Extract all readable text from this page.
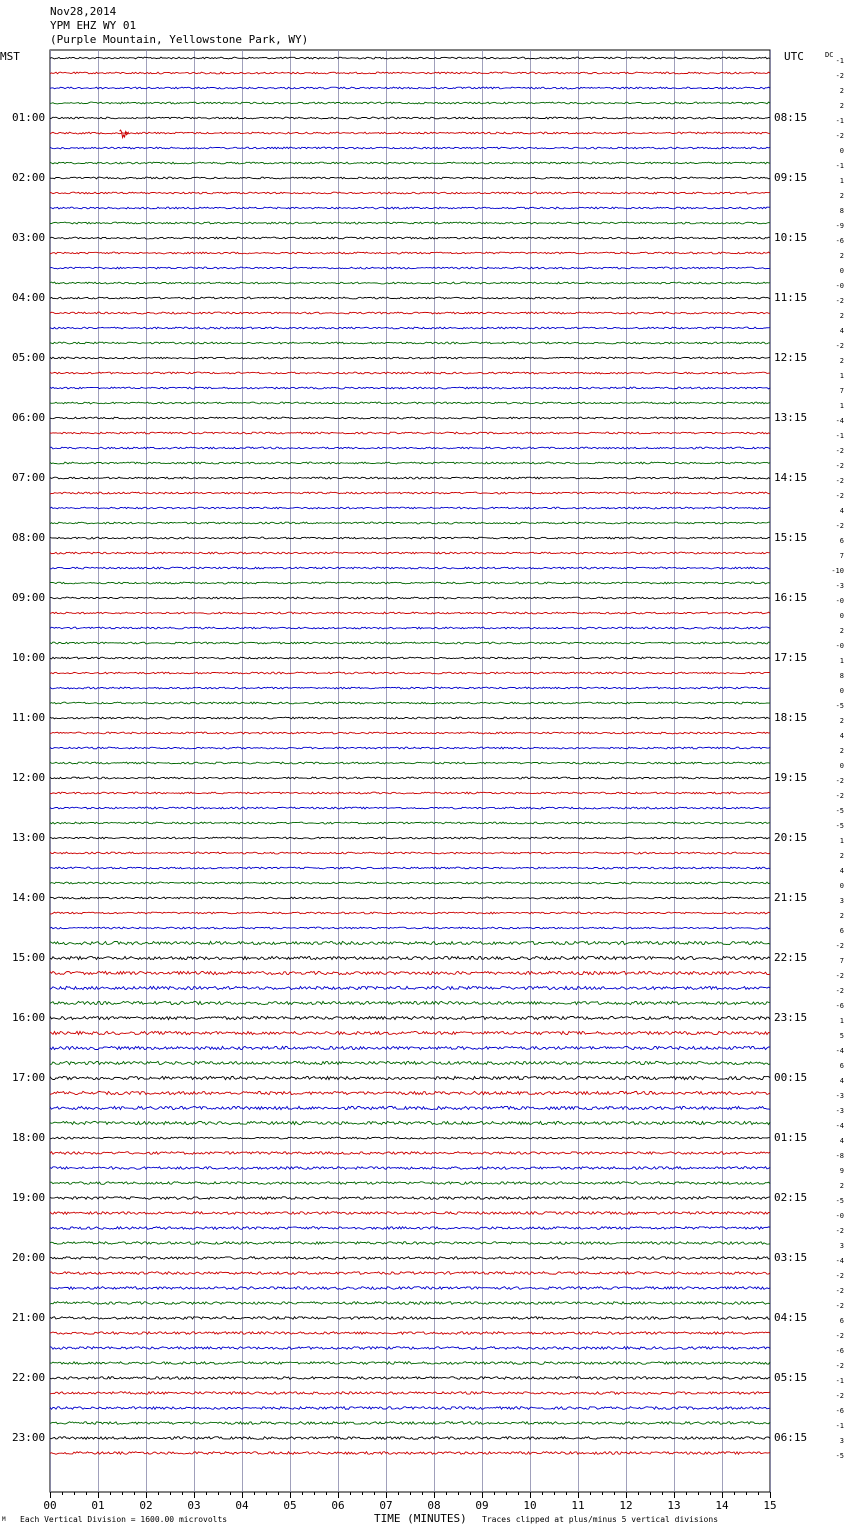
Nov28,2014
YPM EHZ WY 01
(Purple Mountain, Yellowstone Park, WY)
MST	UTC	DC
-1
-2
2
2
-1
-2
0
-1
1
2
8
-9
-6
2
0
-0
-2
2
4
-2
2
1
7
1
-4
-1
-2
-2
-2
-2
4
-2
6
7
-10
-3
-0
0
2
-0
1
8
0
-5
2
4
2
0
-2
-2
-5
-5
1
2
4
0
3
2
6
-2
7
-2
-2
-6
1
5
-4
6
4
-3
-3
-4
4
-8
9
2
-5
-0
-2
3
-4
-2
-2
-2
6
-2
-6
-2
-1
-2
-6
-1
3
-5
01:00
02:00
03:00
04:00
05:00
06:00
07:00
08:00
09:00
10:00
11:00
12:00
13:00
14:00
15:00
16:00
17:00
18:00
19:00
20:00
21:00
22:00
23:00
08:15
09:15
10:15
11:15
12:15
13:15
14:15
15:15
16:15
17:15
18:15
19:15
20:15
21:15
22:15
23:15
00:15
01:15
02:15
03:15
04:15
05:15
06:15
00	01	02	03	04	05	06	07	08	09	10	11	12	13	14	15
M Each Vertical Division = 1600.00 microvolts	TIME (MINUTES) Traces clipped at plus/minus 5 vertical divisions
